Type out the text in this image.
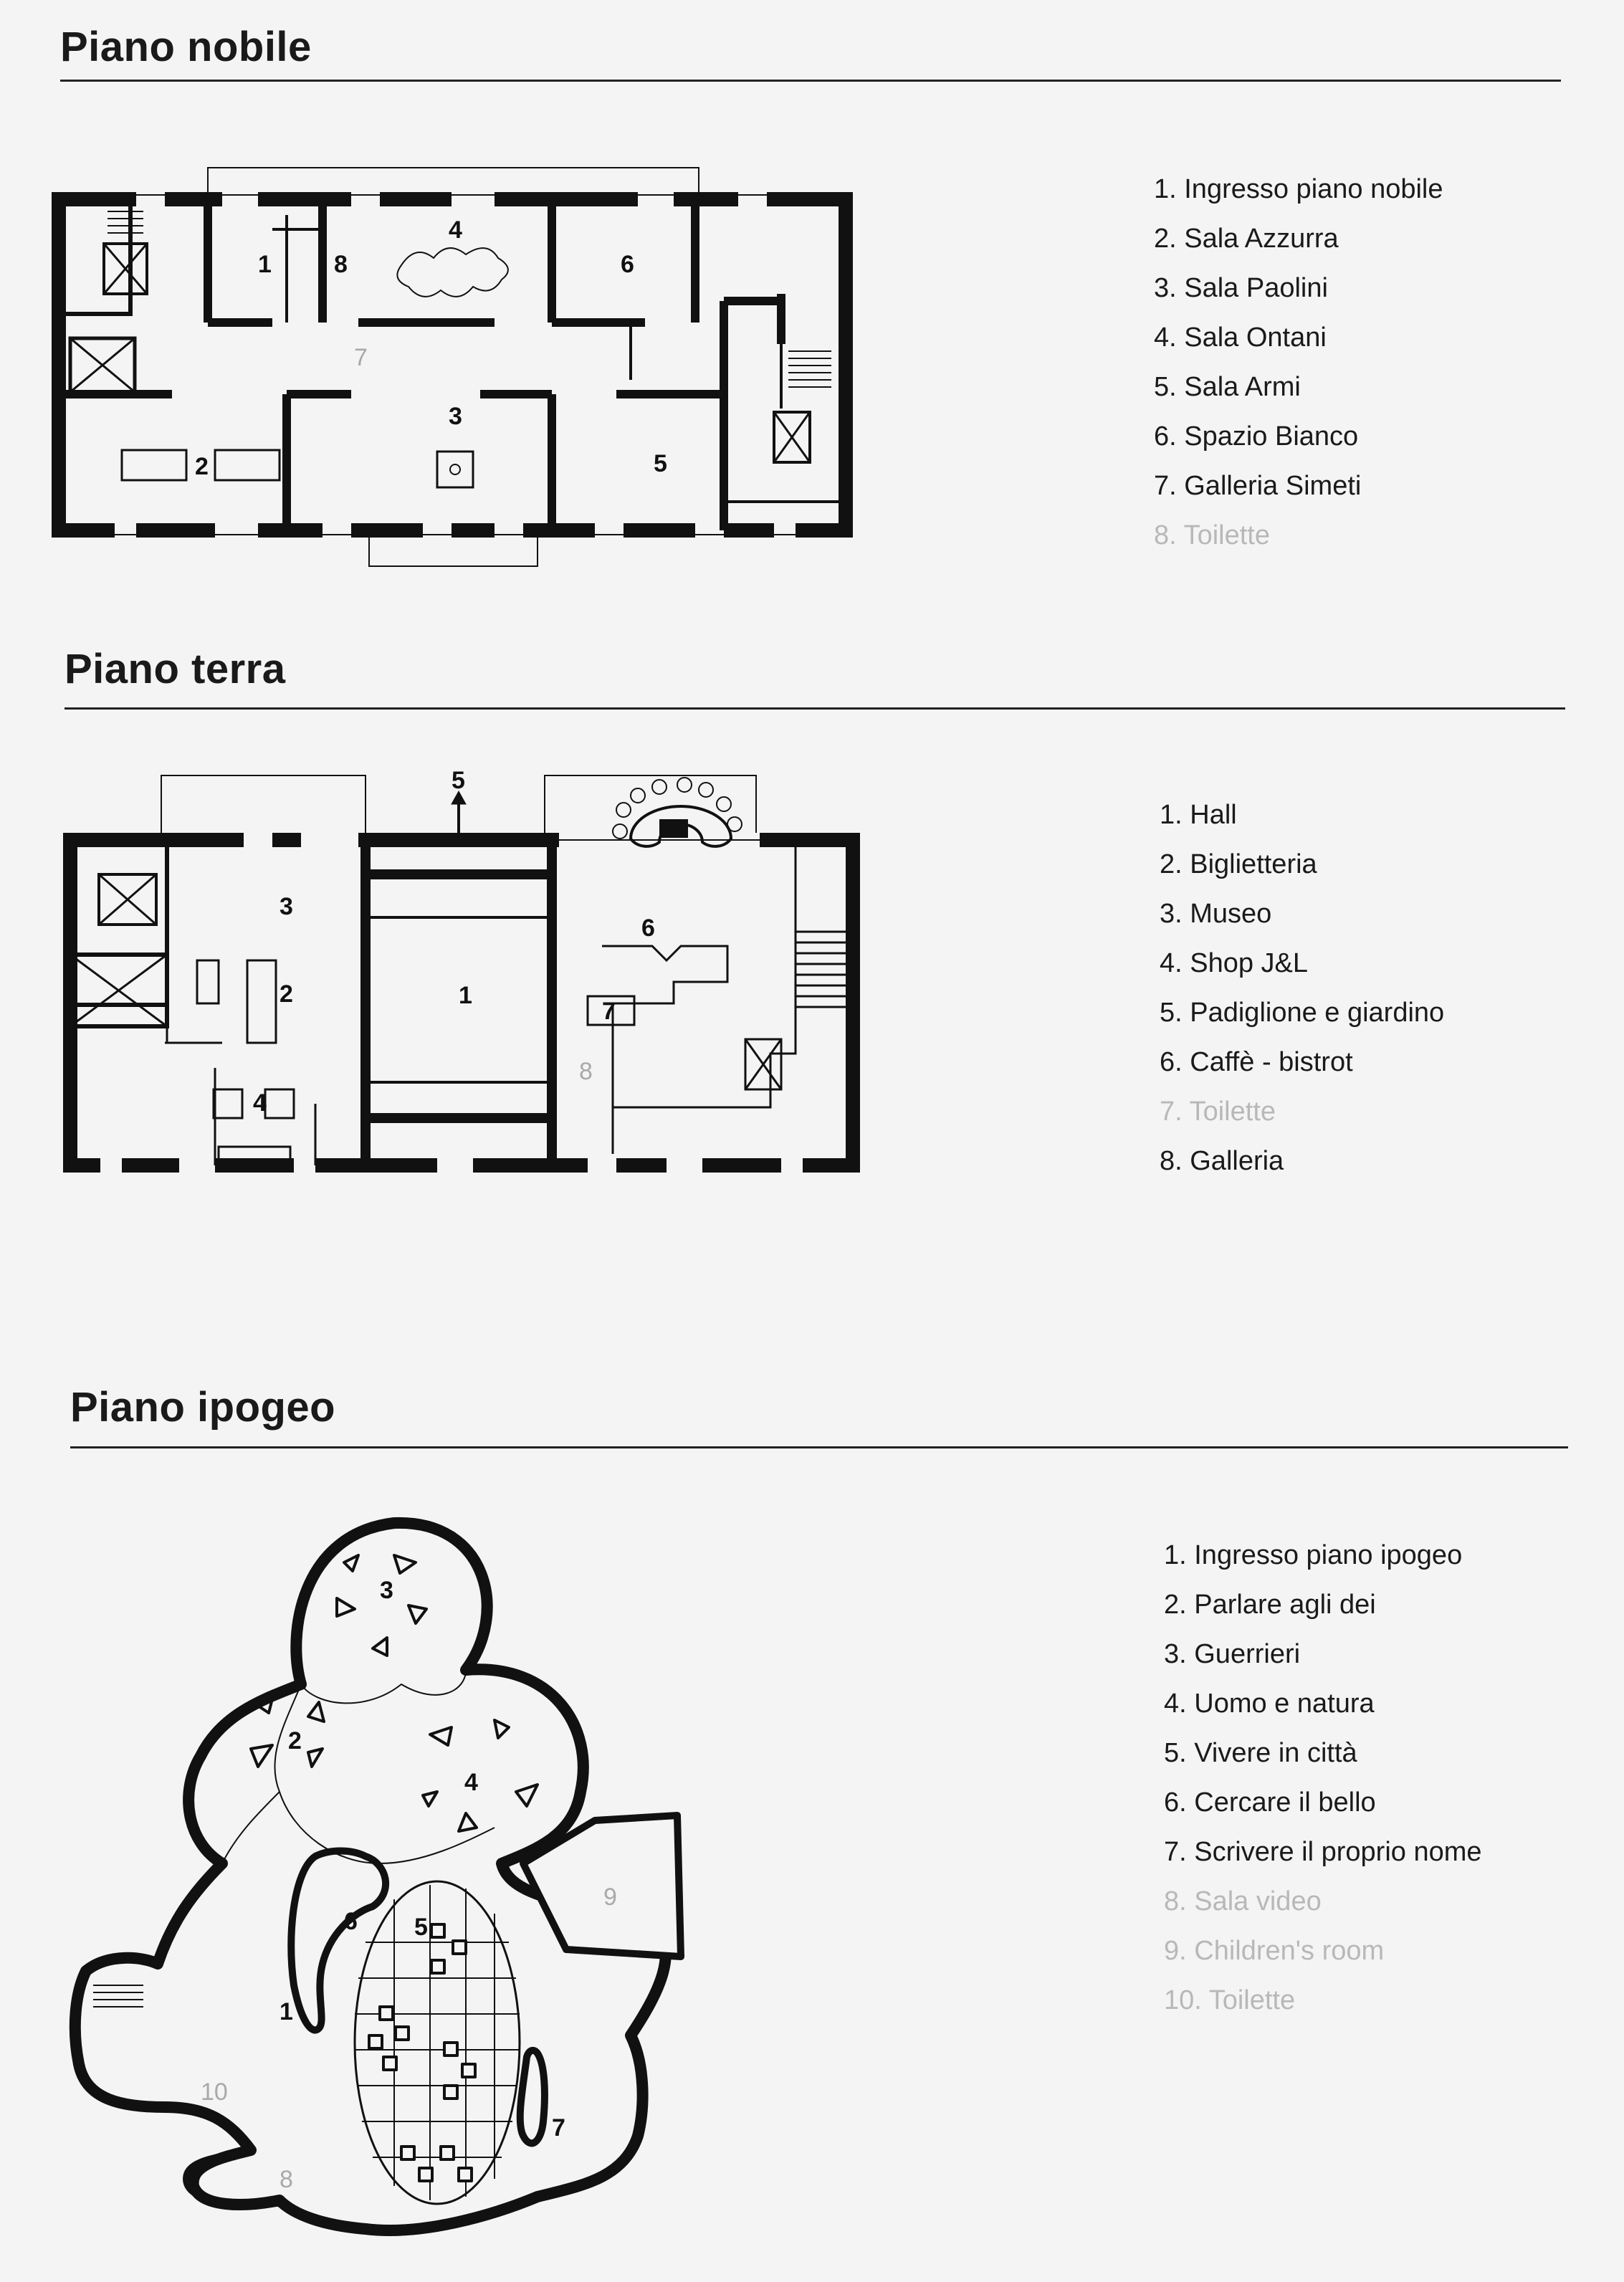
Piano nobile
1
2
3
4
5
6
7
8
1. Ingresso piano nobile
2. Sala Azzurra
3. Sala Paolini
4. Sala Ontani
5. Sala Armi
6. Spazio Bianco
7. Galleria Simeti
8. Toilette
Piano terra
1
2
3
4
5
6
7
8
1. Hall
2. Biglietteria
3. Museo
4. Shop J&L
5. Padiglione e giardino
6. Caffè - bistrot
7. Toilette
8. Galleria
Piano ipogeo
1
2
3
4
5
6
7
8
9
10
1. Ingresso piano ipogeo
2. Parlare agli dei
3. Guerrieri
4. Uomo e natura
5. Vivere in città
6. Cercare il bello
7. Scrivere il proprio nome
8. Sala video
9. Children's room
10. Toilette
